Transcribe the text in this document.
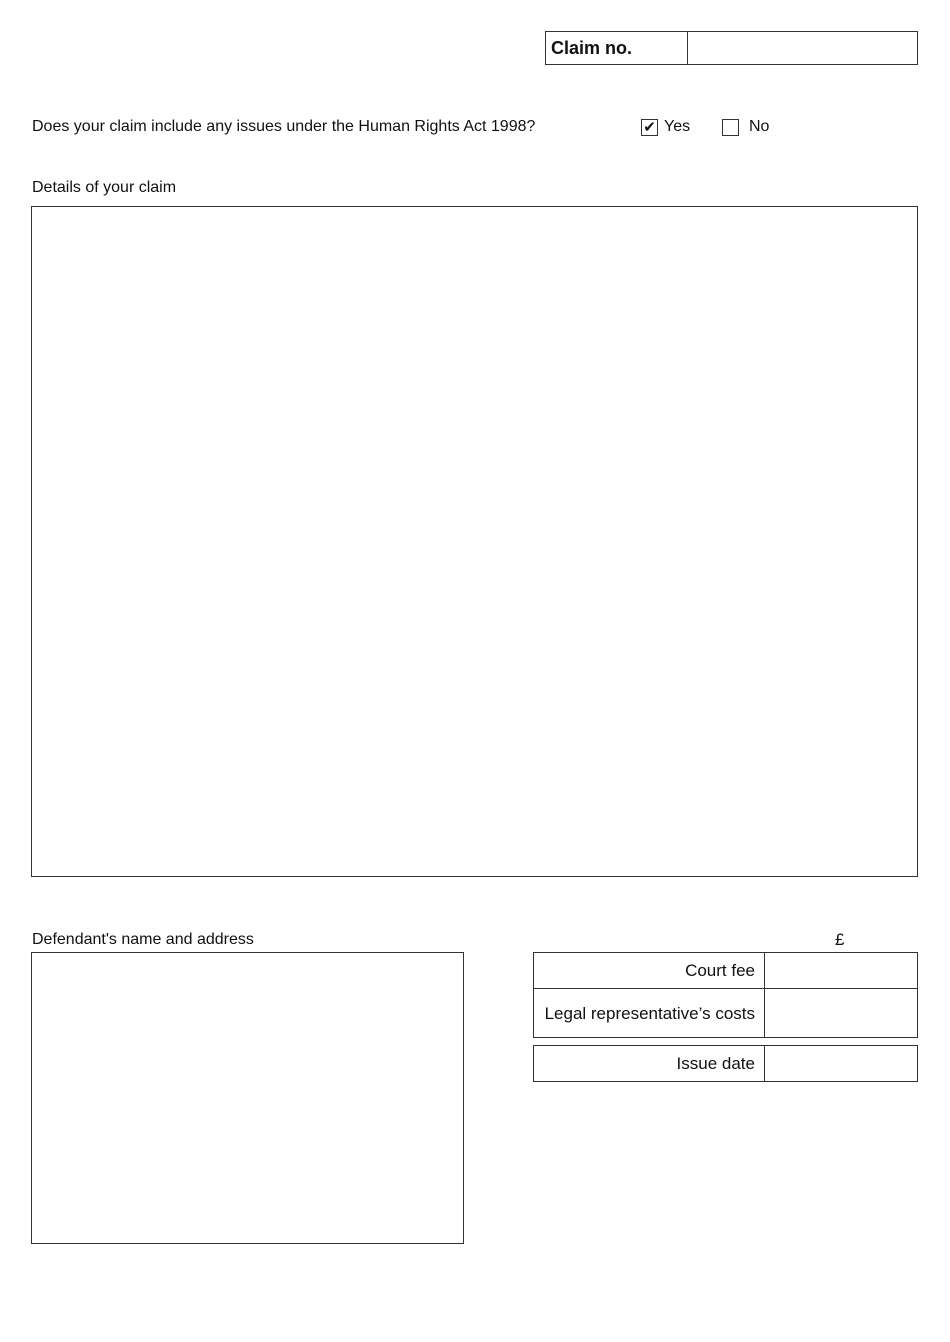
Claim no.
Does your claim include any issues under the Human Rights Act 1998?	✔ Yes	No
Details of your claim
Defendant's name and address	£
Court fee
Legal representative’s costs
Issue date
